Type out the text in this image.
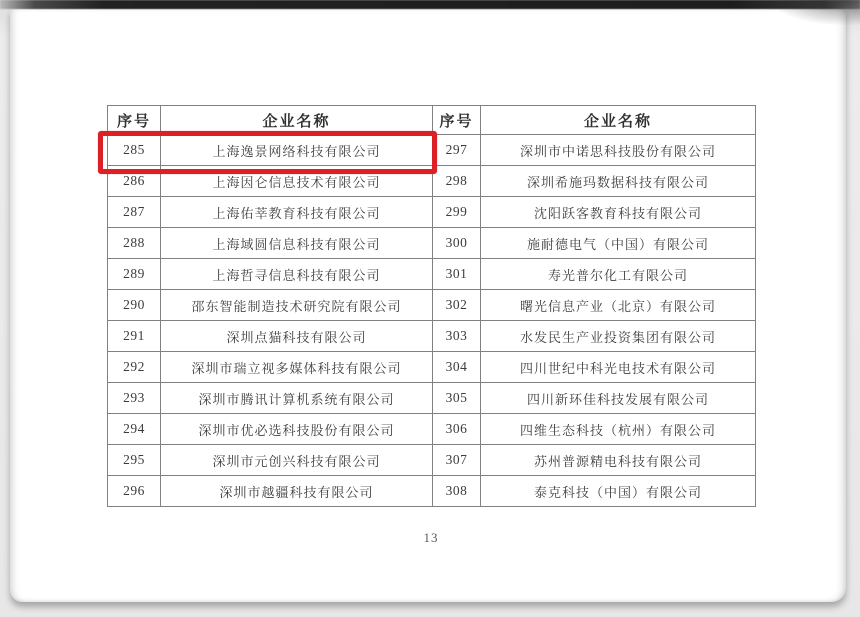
序号	企业名称	序号	企业名称
285	上海逸景网络科技有限公司	297	深圳市中诺思科技股份有限公司
286	上海因仑信息技术有限公司	298	深圳希施玛数据科技有限公司
287	上海佑莘教育科技有限公司	299	沈阳跃客教育科技有限公司
288	上海域圆信息科技有限公司	300	施耐德电气（中国）有限公司
289	上海哲寻信息科技有限公司	301	寿光普尔化工有限公司
290	邵东智能制造技术研究院有限公司	302	曙光信息产业（北京）有限公司
291	深圳点猫科技有限公司	303	水发民生产业投资集团有限公司
292	深圳市瑞立视多媒体科技有限公司	304	四川世纪中科光电技术有限公司
293	深圳市腾讯计算机系统有限公司	305	四川新环佳科技发展有限公司
294	深圳市优必选科技股份有限公司	306	四维生态科技（杭州）有限公司
295	深圳市元创兴科技有限公司	307	苏州普源精电科技有限公司
296	深圳市越疆科技有限公司	308	泰克科技（中国）有限公司
13
